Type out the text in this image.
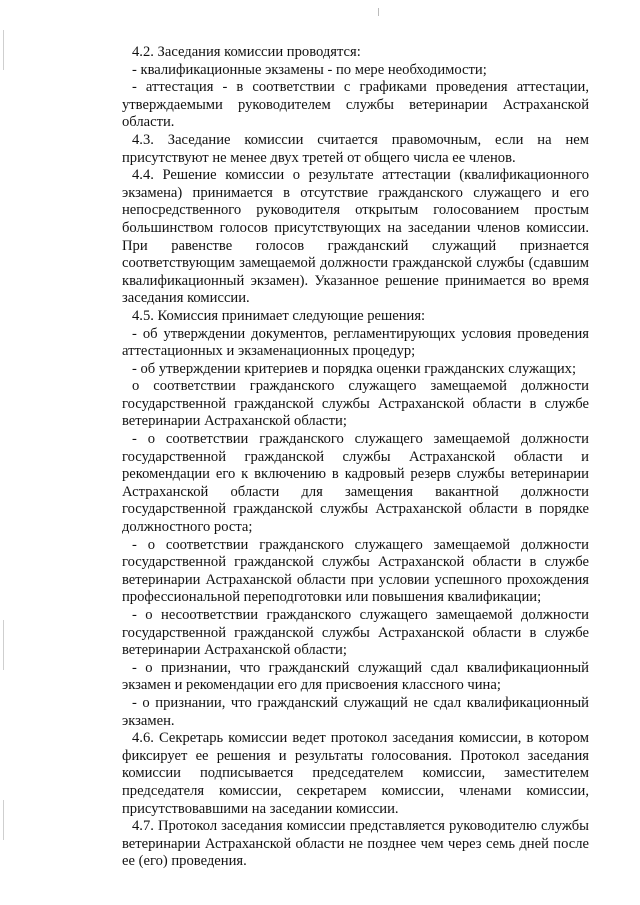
4.2. Заседания комиссии проводятся:

- квалификационные экзамены - по мере необходимости;

- аттестация - в соответствии с графиками проведения аттестации, утверждаемыми руководителем службы ветеринарии Астраханской области.

4.3. Заседание комиссии считается правомочным, если на нем присутствуют не менее двух третей от общего числа ее членов.

4.4. Решение комиссии о результате аттестации (квалификационного экзамена) принимается в отсутствие гражданского служащего и его непосредственного руководителя открытым голосованием простым большинством голосов присутствующих на заседании членов комиссии. При равенстве голосов гражданский служащий признается соответствующим замещаемой должности гражданской службы (сдавшим квалификационный экзамен). Указанное решение принимается во время заседания комиссии.

4.5. Комиссия принимает следующие решения:

- об утверждении документов, регламентирующих условия проведения аттестационных и экзаменационных процедур;

- об утверждении критериев и порядка оценки гражданских служащих;

о соответствии гражданского служащего замещаемой должности государственной гражданской службы Астраханской области в службе ветеринарии Астраханской области;

- о соответствии гражданского служащего замещаемой должности государственной гражданской службы Астраханской области и рекомендации его к включению в кадровый резерв службы ветеринарии Астраханской области для замещения вакантной должности государственной гражданской службы Астраханской области в порядке должностного роста;

- о соответствии гражданского служащего замещаемой должности государственной гражданской службы Астраханской области в службе ветеринарии Астраханской области при условии успешного прохождения профессиональной переподготовки или повышения квалификации;

- о несоответствии гражданского служащего замещаемой должности государственной гражданской службы Астраханской области в службе ветеринарии Астраханской области;

- о признании, что гражданский служащий сдал квалификационный экзамен и рекомендации его для присвоения классного чина;

- о признании, что гражданский служащий не сдал квалификационный экзамен.

4.6. Секретарь комиссии ведет протокол заседания комиссии, в котором фиксирует ее решения и результаты голосования. Протокол заседания комиссии подписывается председателем комиссии, заместителем председателя комиссии, секретарем комиссии, членами комиссии, присутствовавшими на заседании комиссии.

4.7. Протокол заседания комиссии представляется руководителю службы ветеринарии Астраханской области не позднее чем через семь дней после ее (его) проведения.
